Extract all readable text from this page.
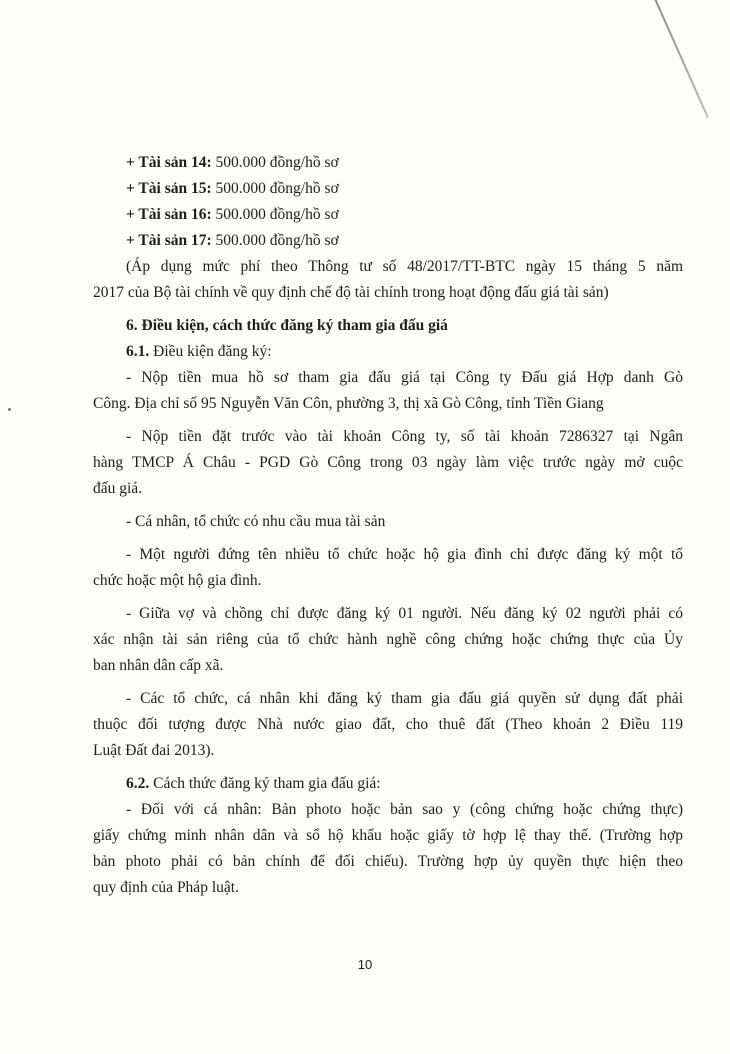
+ Tài sản 14: 500.000 đồng/hồ sơ
+ Tài sản 15: 500.000 đồng/hồ sơ
+ Tài sản 16: 500.000 đồng/hồ sơ
+ Tài sản 17: 500.000 đồng/hồ sơ
(Áp dụng mức phí theo Thông tư số 48/2017/TT-BTC ngày 15 tháng 5 năm
2017 của Bộ tài chính về quy định chế độ tài chính trong hoạt động đấu giá tài sản)
6. Điều kiện, cách thức đăng ký tham gia đấu giá
6.1. Điều kiện đăng ký:
- Nộp tiền mua hồ sơ tham gia đấu giá tại Công ty Đấu giá Hợp danh Gò
Công. Địa chỉ số 95 Nguyễn Văn Côn, phường 3, thị xã Gò Công, tỉnh Tiền Giang
- Nộp tiền đặt trước vào tài khoản Công ty, số tài khoản 7286327 tại Ngân
hàng TMCP Á Châu - PGD Gò Công trong 03 ngày làm việc trước ngày mở cuộc
đấu giá.
- Cá nhân, tổ chức có nhu cầu mua tài sản
- Một người đứng tên nhiều tổ chức hoặc hộ gia đình chỉ được đăng ký một tổ
chức hoặc một hộ gia đình.
- Giữa vợ và chồng chỉ được đăng ký 01 người. Nếu đăng ký 02 người phải có
xác nhận tài sản riêng của tổ chức hành nghề công chứng hoặc chứng thực của Ủy
ban nhân dân cấp xã.
- Các tổ chức, cá nhân khi đăng ký tham gia đấu giá quyền sử dụng đất phải
thuộc đối tượng được Nhà nước giao đất, cho thuê đất (Theo khoản 2 Điều 119
Luật Đất đai 2013).
6.2. Cách thức đăng ký tham gia đấu giá:
- Đối với cá nhân: Bản photo hoặc bản sao y (công chứng hoặc chứng thực)
giấy chứng minh nhân dân và sổ hộ khẩu hoặc giấy tờ hợp lệ thay thế. (Trường hợp
bản photo phải có bản chính để đối chiếu). Trường hợp ủy quyền thực hiện theo
quy định của Pháp luật.
10
